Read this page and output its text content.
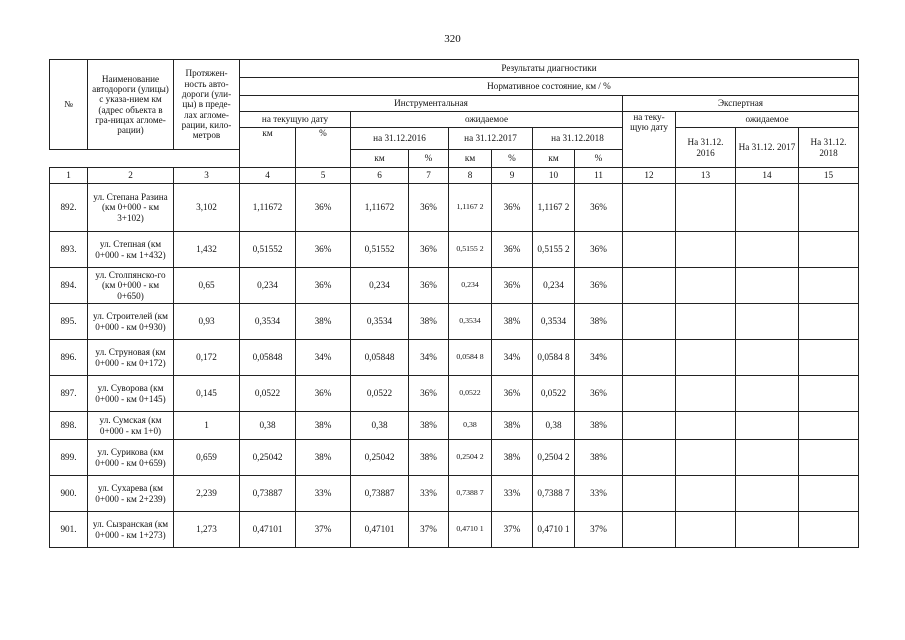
320
№	Наименование автодороги (улицы) с указа-нием км (адрес объекта в гра-ницах агломе-рации)	Протяжен-ность авто-дороги (ули-цы) в преде-лах агломе-рации, кило-метров	Результаты диагностики											
			Нормативное состояние, км / %											
			Инструментальная								Экспертная			
			на текущую дату		ожидаемое						на теку-щую дату	ожидаемое		
			км	%	на 31.12.2016		на 31.12.2017		на 31.12.2018			На 31.12. 2016	На 31.12. 2017	На 31.12. 2018
					км	%	км	%	км	%				
1	2	3	4	5	6	7	8	9	10	11	12	13	14	15
892.	ул. Степана Разина (км 0+000 - км 3+102)	3,102	1,11672	36%	1,11672	36%	1,1167 2	36%	1,1167 2	36%				
893.	ул. Степная (км 0+000 - км 1+432)	1,432	0,51552	36%	0,51552	36%	0,5155 2	36%	0,5155 2	36%				
894.	ул. Столпянско-го (км 0+000 - км 0+650)	0,65	0,234	36%	0,234	36%	0,234	36%	0,234	36%				
895.	ул. Строителей (км 0+000 - км 0+930)	0,93	0,3534	38%	0,3534	38%	0,3534	38%	0,3534	38%				
896.	ул. Струновая (км 0+000 - км 0+172)	0,172	0,05848	34%	0,05848	34%	0,0584 8	34%	0,0584 8	34%				
897.	ул. Суворова (км 0+000 - км 0+145)	0,145	0,0522	36%	0,0522	36%	0,0522	36%	0,0522	36%				
898.	ул. Сумская (км 0+000 - км 1+0)	1	0,38	38%	0,38	38%	0,38	38%	0,38	38%				
899.	ул. Сурикова (км 0+000 - км 0+659)	0,659	0,25042	38%	0,25042	38%	0,2504 2	38%	0,2504 2	38%				
900.	ул. Сухарева (км 0+000 - км 2+239)	2,239	0,73887	33%	0,73887	33%	0,7388 7	33%	0,7388 7	33%				
901.	ул. Сызранская (км 0+000 - км 1+273)	1,273	0,47101	37%	0,47101	37%	0,4710 1	37%	0,4710 1	37%				
